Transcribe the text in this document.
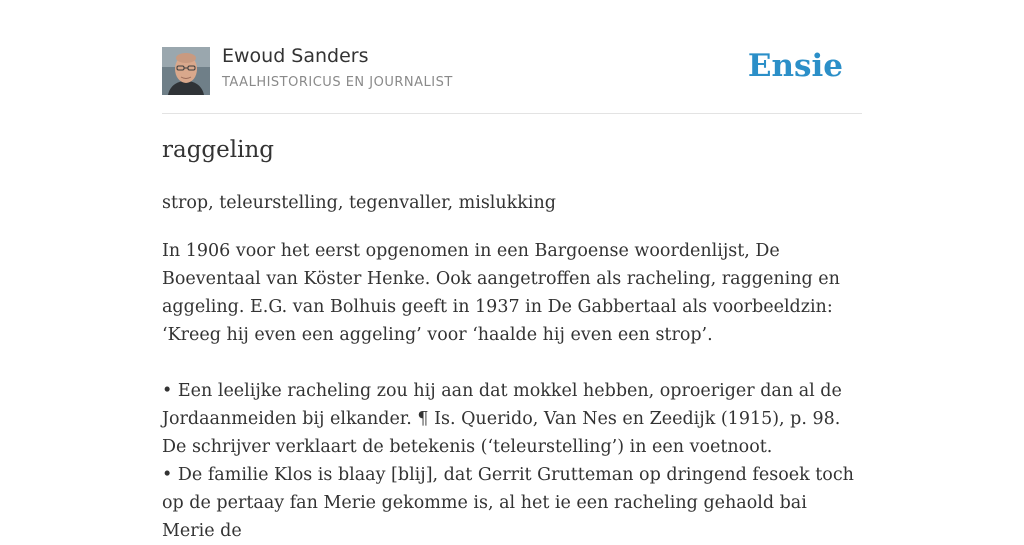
Ewoud Sanders
TAALHISTORICUS EN JOURNALIST	Ensie
raggeling
strop, teleurstelling, tegenvaller, mislukking

In 1906 voor het eerst opgenomen in een Bargoense woordenlijst, De Boeventaal van Köster Henke. Ook aangetroffen als racheling, raggening en aggeling. E.G. van Bolhuis geeft in 1937 in De Gabbertaal als voorbeeldzin: ‘Kreeg hij even een aggeling’ voor ‘haalde hij even een strop’.

• Een leelijke racheling zou hij aan dat mokkel hebben, oproeriger dan al de Jordaanmeiden bij elkander. ¶ Is. Querido, Van Nes en Zeedijk (1915), p. 98. De schrijver verklaart de betekenis (‘teleurstelling’) in een voetnoot.

• De familie Klos is blaay [blij], dat Gerrit Grutteman op dringend fesoek toch op de pertaay fan Merie gekomme is, al het ie een racheling gehaold bai Merie de
